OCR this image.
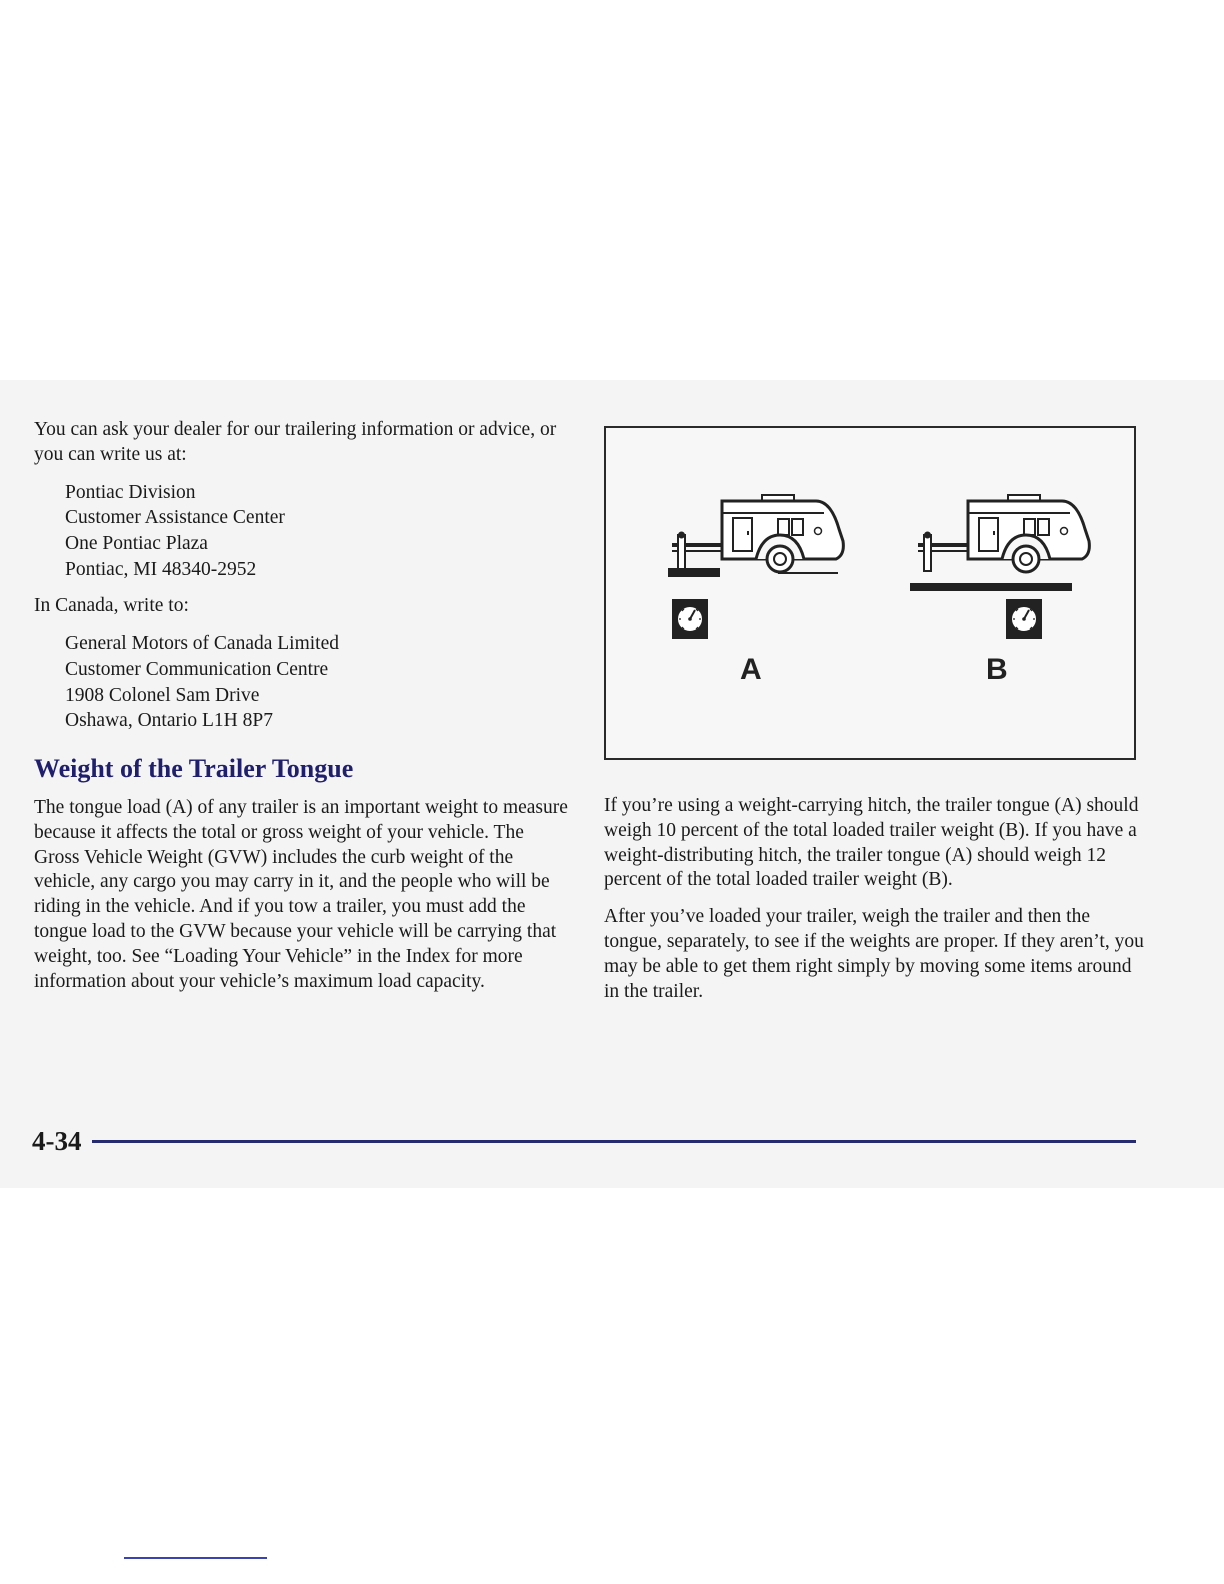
You can ask your dealer for our trailering information or advice, or you can write us at:

Pontiac Division
Customer Assistance Center
One Pontiac Plaza
Pontiac, MI 48340-2952

In Canada, write to:

General Motors of Canada Limited
Customer Communication Centre
1908 Colonel Sam Drive
Oshawa, Ontario L1H 8P7
Weight of the Trailer Tongue

The tongue load (A) of any trailer is an important weight to measure because it affects the total or gross weight of your vehicle. The Gross Vehicle Weight (GVW) includes the curb weight of the vehicle, any cargo you may carry in it, and the people who will be riding in the vehicle. And if you tow a trailer, you must add the tongue load to the GVW because your vehicle will be carrying that weight, too. See “Loading Your Vehicle” in the Index for more information about your vehicle’s maximum load capacity.

A	B

If you’re using a weight-carrying hitch, the trailer tongue (A) should weigh 10 percent of the total loaded trailer weight (B). If you have a weight-distributing hitch, the trailer tongue (A) should weigh 12 percent of the total loaded trailer weight (B).

After you’ve loaded your trailer, weigh the trailer and then the tongue, separately, to see if the weights are proper. If they aren’t, you may be able to get them right simply by moving some items around in the trailer.

4-34
